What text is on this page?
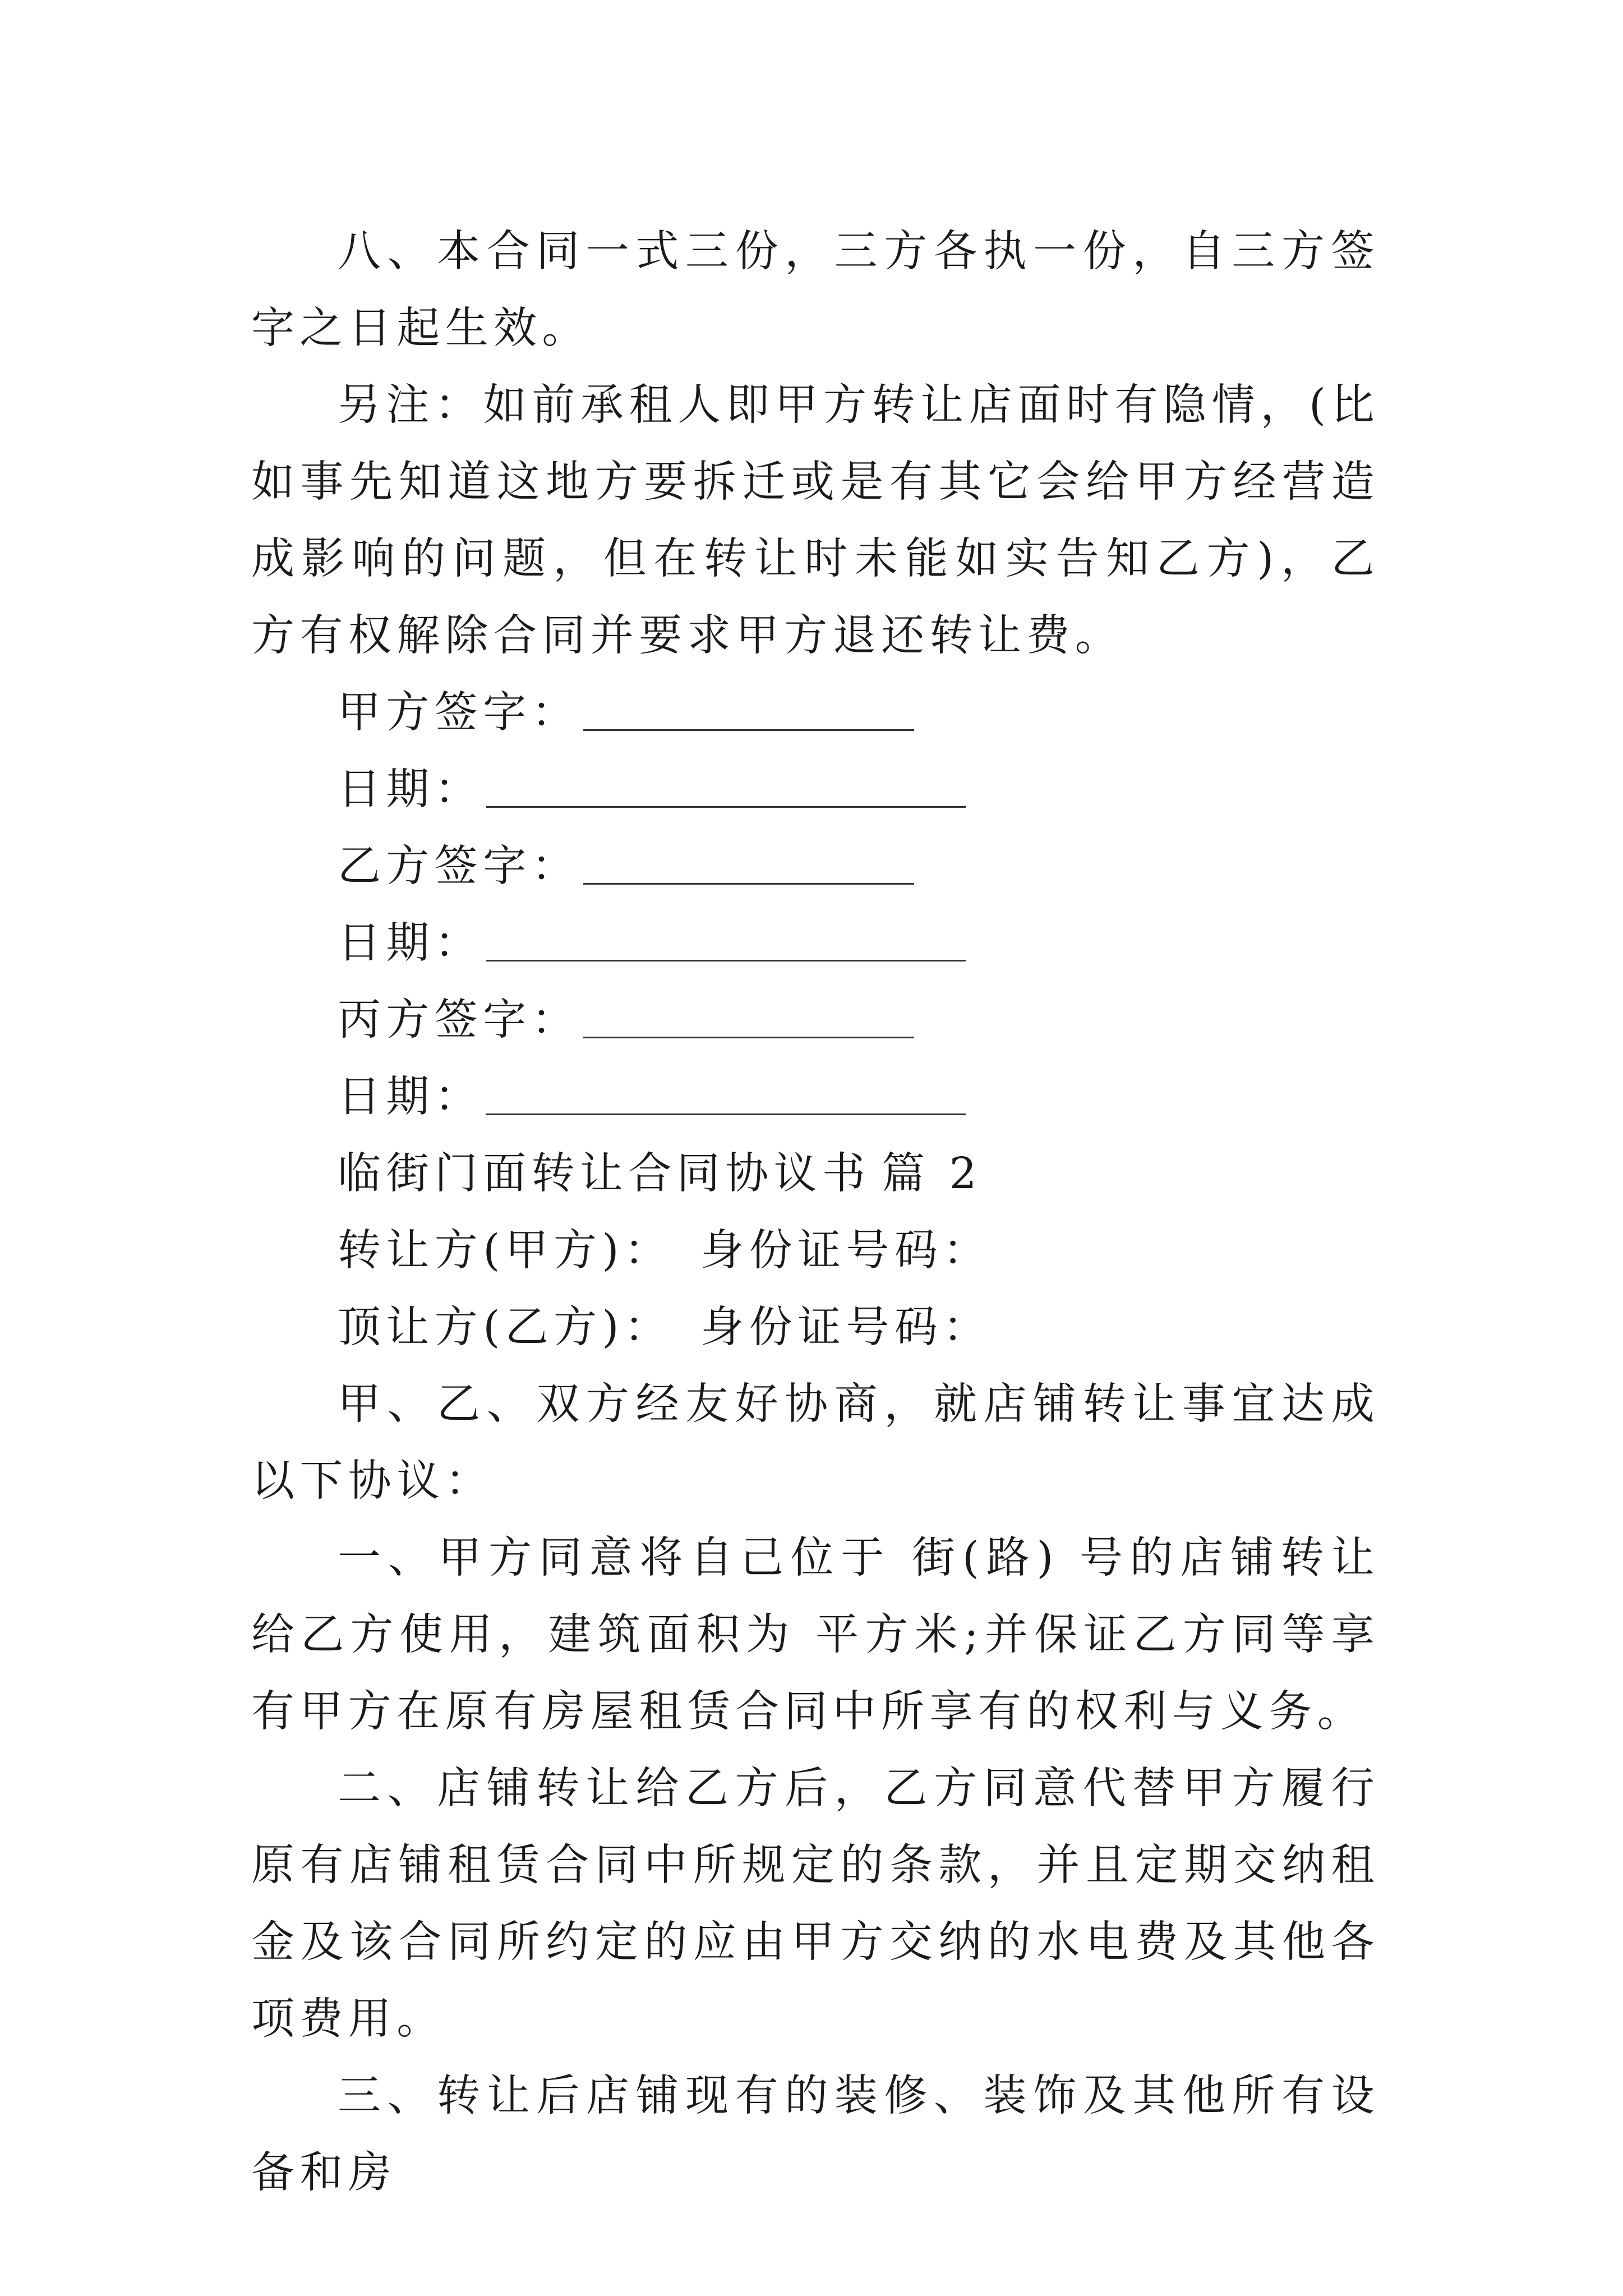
八、本合同一式三份，三方各执一份，自三方签字之日起生效。

另注：如前承租人即甲方转让店面时有隐情，(比如事先知道这地方要拆迁或是有其它会给甲方经营造成影响的问题，但在转让时未能如实告知乙方)，乙方有权解除合同并要求甲方退还转让费。

甲方签字：
日期：
乙方签字：
日期：
丙方签字：
日期：
临街门面转让合同协议书 篇 2
转让方(甲方)： 身份证号码：
顶让方(乙方)： 身份证号码：

甲、乙、双方经友好协商，就店铺转让事宜达成以下协议：

一、甲方同意将自己位于 街(路) 号的店铺转让给乙方使用，建筑面积为 平方米;并保证乙方同等享有甲方在原有房屋租赁合同中所享有的权利与义务。

二、店铺转让给乙方后，乙方同意代替甲方履行原有店铺租赁合同中所规定的条款，并且定期交纳租金及该合同所约定的应由甲方交纳的水电费及其他各项费用。

三、转让后店铺现有的装修、装饰及其他所有设备和房
